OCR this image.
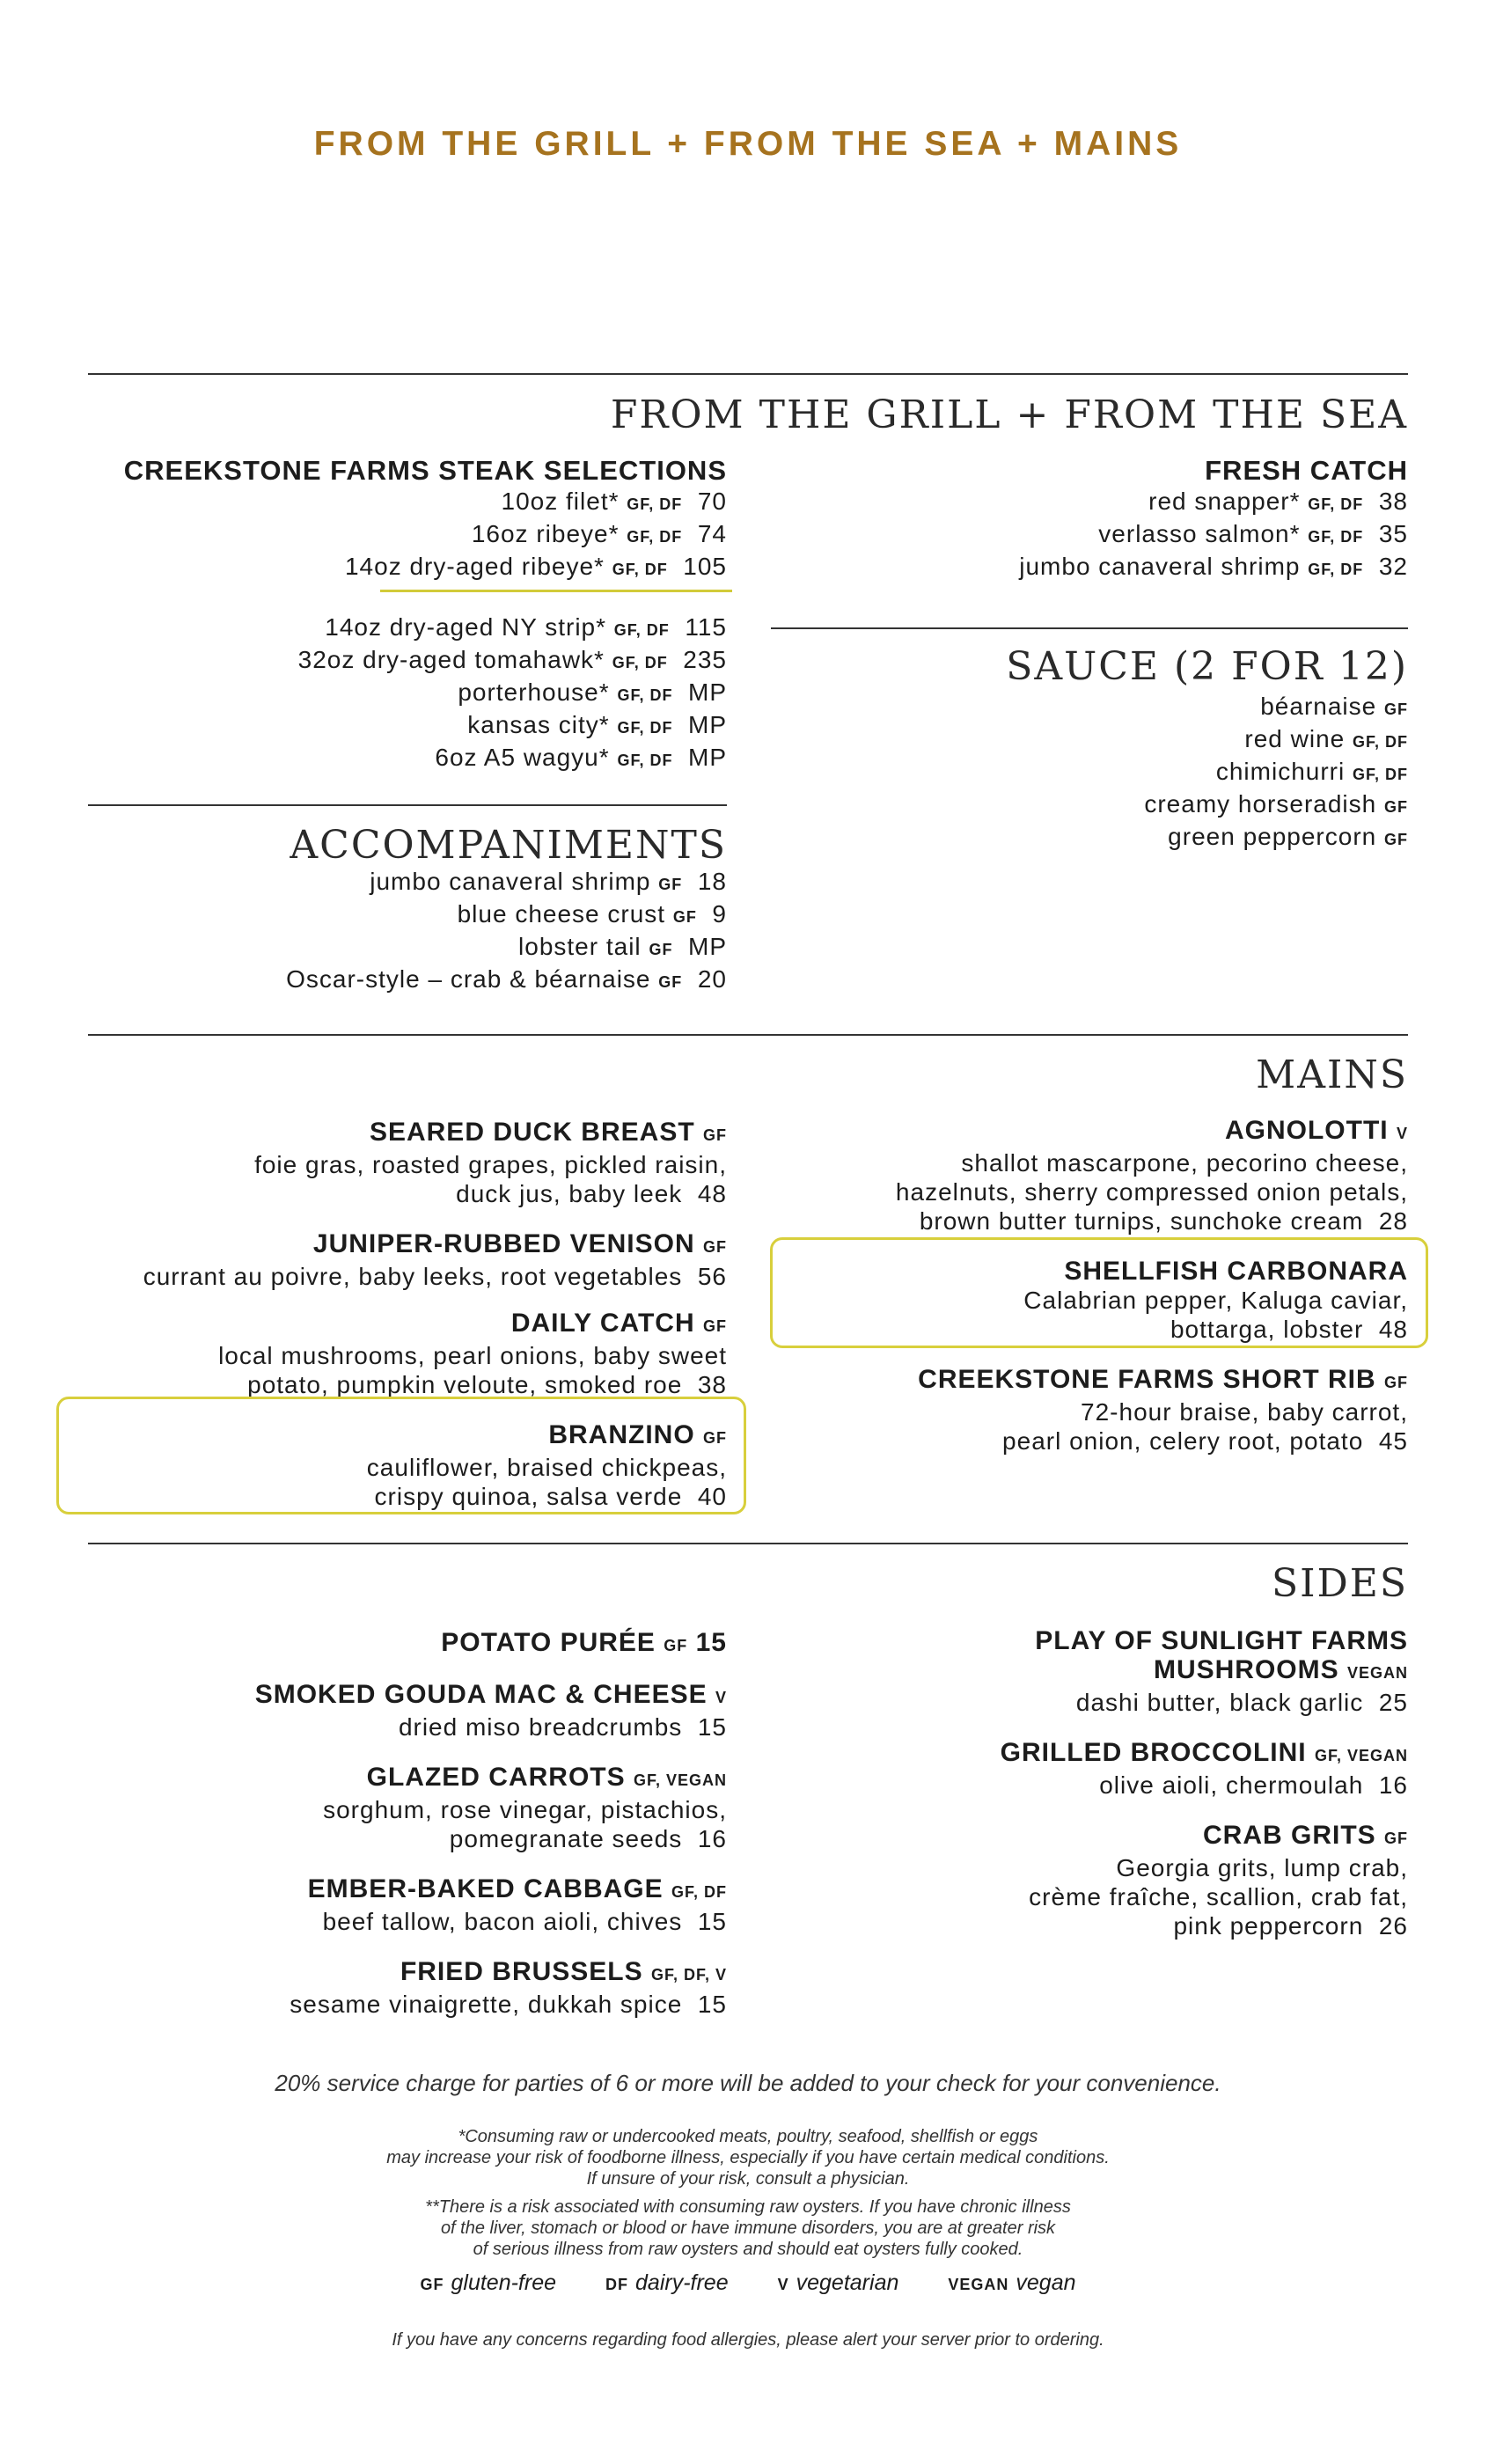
FROM THE GRILL + FROM THE SEA + MAINS
FROM THE GRILL + FROM THE SEA
CREEKSTONE FARMS STEAK SELECTIONS
10oz filet* GF, DF 70
16oz ribeye* GF, DF 74
14oz dry-aged ribeye* GF, DF 105
14oz dry-aged NY strip* GF, DF 115
32oz dry-aged tomahawk* GF, DF 235
porterhouse* GF, DF MP
kansas city* GF, DF MP
6oz A5 wagyu* GF, DF MP
ACCOMPANIMENTS
jumbo canaveral shrimp GF 18
blue cheese crust GF 9
lobster tail GF MP
Oscar-style – crab & béarnaise GF 20
FRESH CATCH
red snapper* GF, DF 38
verlasso salmon* GF, DF 35
jumbo canaveral shrimp GF, DF 32
SAUCE (2 FOR 12)
béarnaise GF
red wine GF, DF
chimichurri GF, DF
creamy horseradish GF
green peppercorn GF
MAINS
SEARED DUCK BREAST GF
foie gras, roasted grapes, pickled raisin,
duck jus, baby leek 48
JUNIPER-RUBBED VENISON GF
currant au poivre, baby leeks, root vegetables 56
DAILY CATCH GF
local mushrooms, pearl onions, baby sweet
potato, pumpkin veloute, smoked roe 38
BRANZINO GF
cauliflower, braised chickpeas,
crispy quinoa, salsa verde 40
AGNOLOTTI V
shallot mascarpone, pecorino cheese,
hazelnuts, sherry compressed onion petals,
brown butter turnips, sunchoke cream 28
SHELLFISH CARBONARA
Calabrian pepper, Kaluga caviar,
bottarga, lobster 48
CREEKSTONE FARMS SHORT RIB GF
72-hour braise, baby carrot,
pearl onion, celery root, potato 45
SIDES
POTATO PURÉE GF 15
SMOKED GOUDA MAC & CHEESE V
dried miso breadcrumbs 15
GLAZED CARROTS GF, VEGAN
sorghum, rose vinegar, pistachios,
pomegranate seeds 16
EMBER-BAKED CABBAGE GF, DF
beef tallow, bacon aioli, chives 15
FRIED BRUSSELS GF, DF, V
sesame vinaigrette, dukkah spice 15
PLAY OF SUNLIGHT FARMS
MUSHROOMS VEGAN
dashi butter, black garlic 25
GRILLED BROCCOLINI GF, VEGAN
olive aioli, chermoulah 16
CRAB GRITS GF
Georgia grits, lump crab,
crème fraîche, scallion, crab fat,
pink peppercorn 26
20% service charge for parties of 6 or more will be added to your check for your convenience.
*Consuming raw or undercooked meats, poultry, seafood, shellfish or eggs
may increase your risk of foodborne illness, especially if you have certain medical conditions.
If unsure of your risk, consult a physician.
**There is a risk associated with consuming raw oysters. If you have chronic illness
of the liver, stomach or blood or have immune disorders, you are at greater risk
of serious illness from raw oysters and should eat oysters fully cooked.
GF gluten-free	DF dairy-free	V vegetarian	VEGAN vegan
If you have any concerns regarding food allergies, please alert your server prior to ordering.
